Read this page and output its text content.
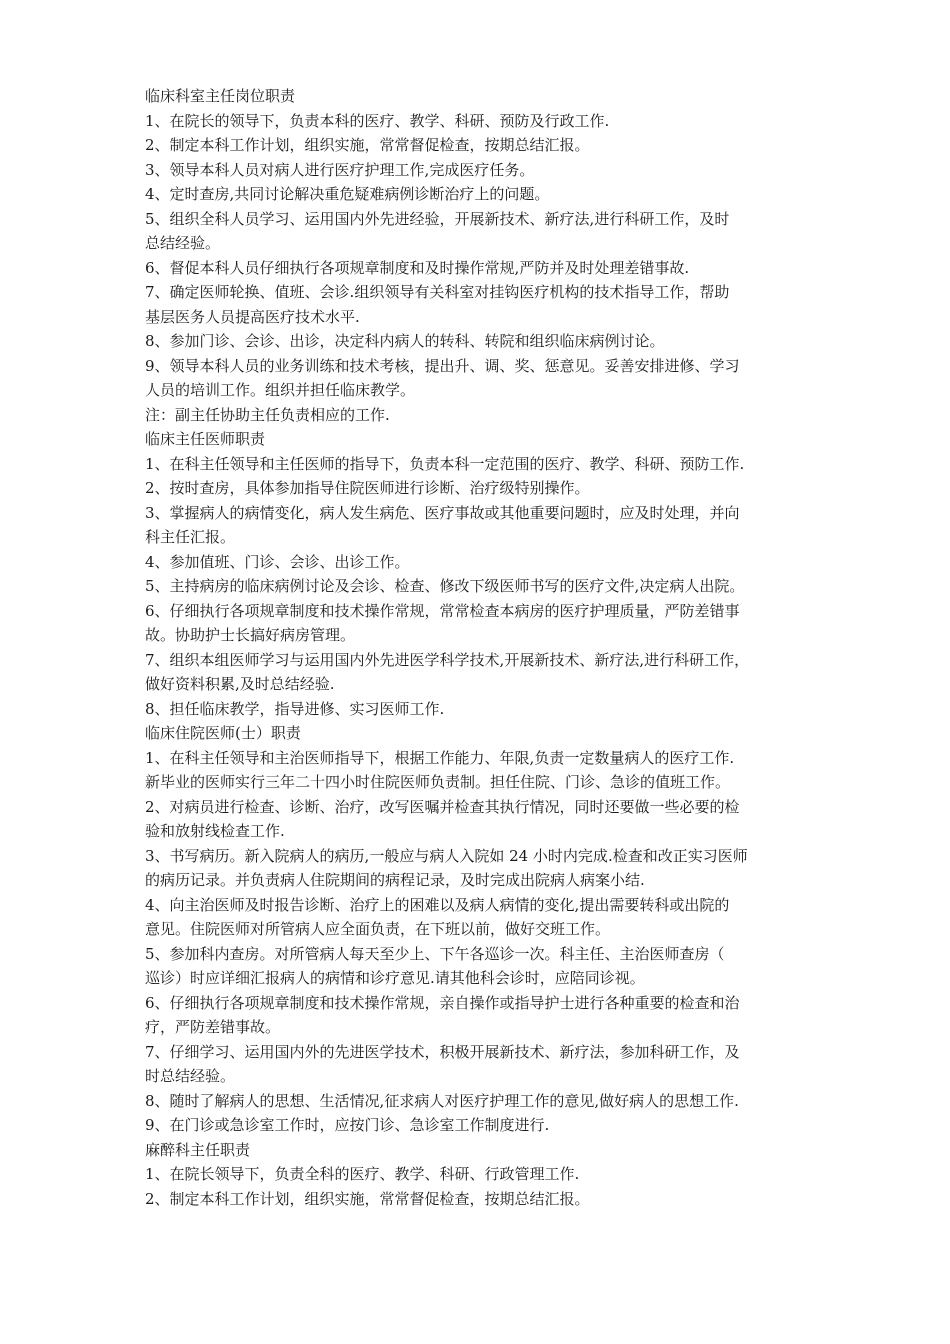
临床科室主任岗位职责
1、在院长的领导下，负责本科的医疗、教学、科研、预防及行政工作.
2、制定本科工作计划，组织实施，常常督促检查，按期总结汇报。
3、领导本科人员对病人进行医疗护理工作,完成医疗任务。
4、定时查房,共同讨论解决重危疑难病例诊断治疗上的问题。
5、组织全科人员学习、运用国内外先进经验，开展新技术、新疗法,进行科研工作，及时
总结经验。
6、督促本科人员仔细执行各项规章制度和及时操作常规,严防并及时处理差错事故.
7、确定医师轮换、值班、会诊.组织领导有关科室对挂钩医疗机构的技术指导工作，帮助
基层医务人员提高医疗技术水平.
8、参加门诊、会诊、出诊，决定科内病人的转科、转院和组织临床病例讨论。
9、领导本科人员的业务训练和技术考核，提出升、调、奖、惩意见。妥善安排进修、学习
人员的培训工作。组织并担任临床教学。
注：副主任协助主任负责相应的工作.
临床主任医师职责
1、在科主任领导和主任医师的指导下，负责本科一定范围的医疗、教学、科研、预防工作.
2、按时查房，具体参加指导住院医师进行诊断、治疗级特别操作。
3、掌握病人的病情变化，病人发生病危、医疗事故或其他重要问题时，应及时处理，并向
科主任汇报。
4、参加值班、门诊、会诊、出诊工作。
5、主持病房的临床病例讨论及会诊、检查、修改下级医师书写的医疗文件,决定病人出院。
6、仔细执行各项规章制度和技术操作常规，常常检查本病房的医疗护理质量，严防差错事
故。协助护士长搞好病房管理。
7、组织本组医师学习与运用国内外先进医学科学技术,开展新技术、新疗法,进行科研工作，
做好资料积累,及时总结经验.
8、担任临床教学，指导进修、实习医师工作.
临床住院医师(士）职责
1、在科主任领导和主治医师指导下，根据工作能力、年限,负责一定数量病人的医疗工作.
新毕业的医师实行三年二十四小时住院医师负责制。担任住院、门诊、急诊的值班工作。
2、对病员进行检查、诊断、治疗，改写医嘱并检查其执行情况，同时还要做一些必要的检
验和放射线检查工作.
3、书写病历。新入院病人的病历,一般应与病人入院如 24 小时内完成.检查和改正实习医师
的病历记录。并负责病人住院期间的病程记录，及时完成出院病人病案小结.
4、向主治医师及时报告诊断、治疗上的困难以及病人病情的变化,提出需要转科或出院的
意见。住院医师对所管病人应全面负责，在下班以前，做好交班工作。
5、参加科内查房。对所管病人每天至少上、下午各巡诊一次。科主任、主治医师查房（
巡诊）时应详细汇报病人的病情和诊疗意见.请其他科会诊时，应陪同诊视。
6、仔细执行各项规章制度和技术操作常规，亲自操作或指导护士进行各种重要的检查和治
疗，严防差错事故。
7、仔细学习、运用国内外的先进医学技术，积极开展新技术、新疗法，参加科研工作，及
时总结经验。
8、随时了解病人的思想、生活情况,征求病人对医疗护理工作的意见,做好病人的思想工作.
9、在门诊或急诊室工作时，应按门诊、急诊室工作制度进行.
麻醉科主任职责
1、在院长领导下，负责全科的医疗、教学、科研、行政管理工作.
2、制定本科工作计划，组织实施，常常督促检查，按期总结汇报。
